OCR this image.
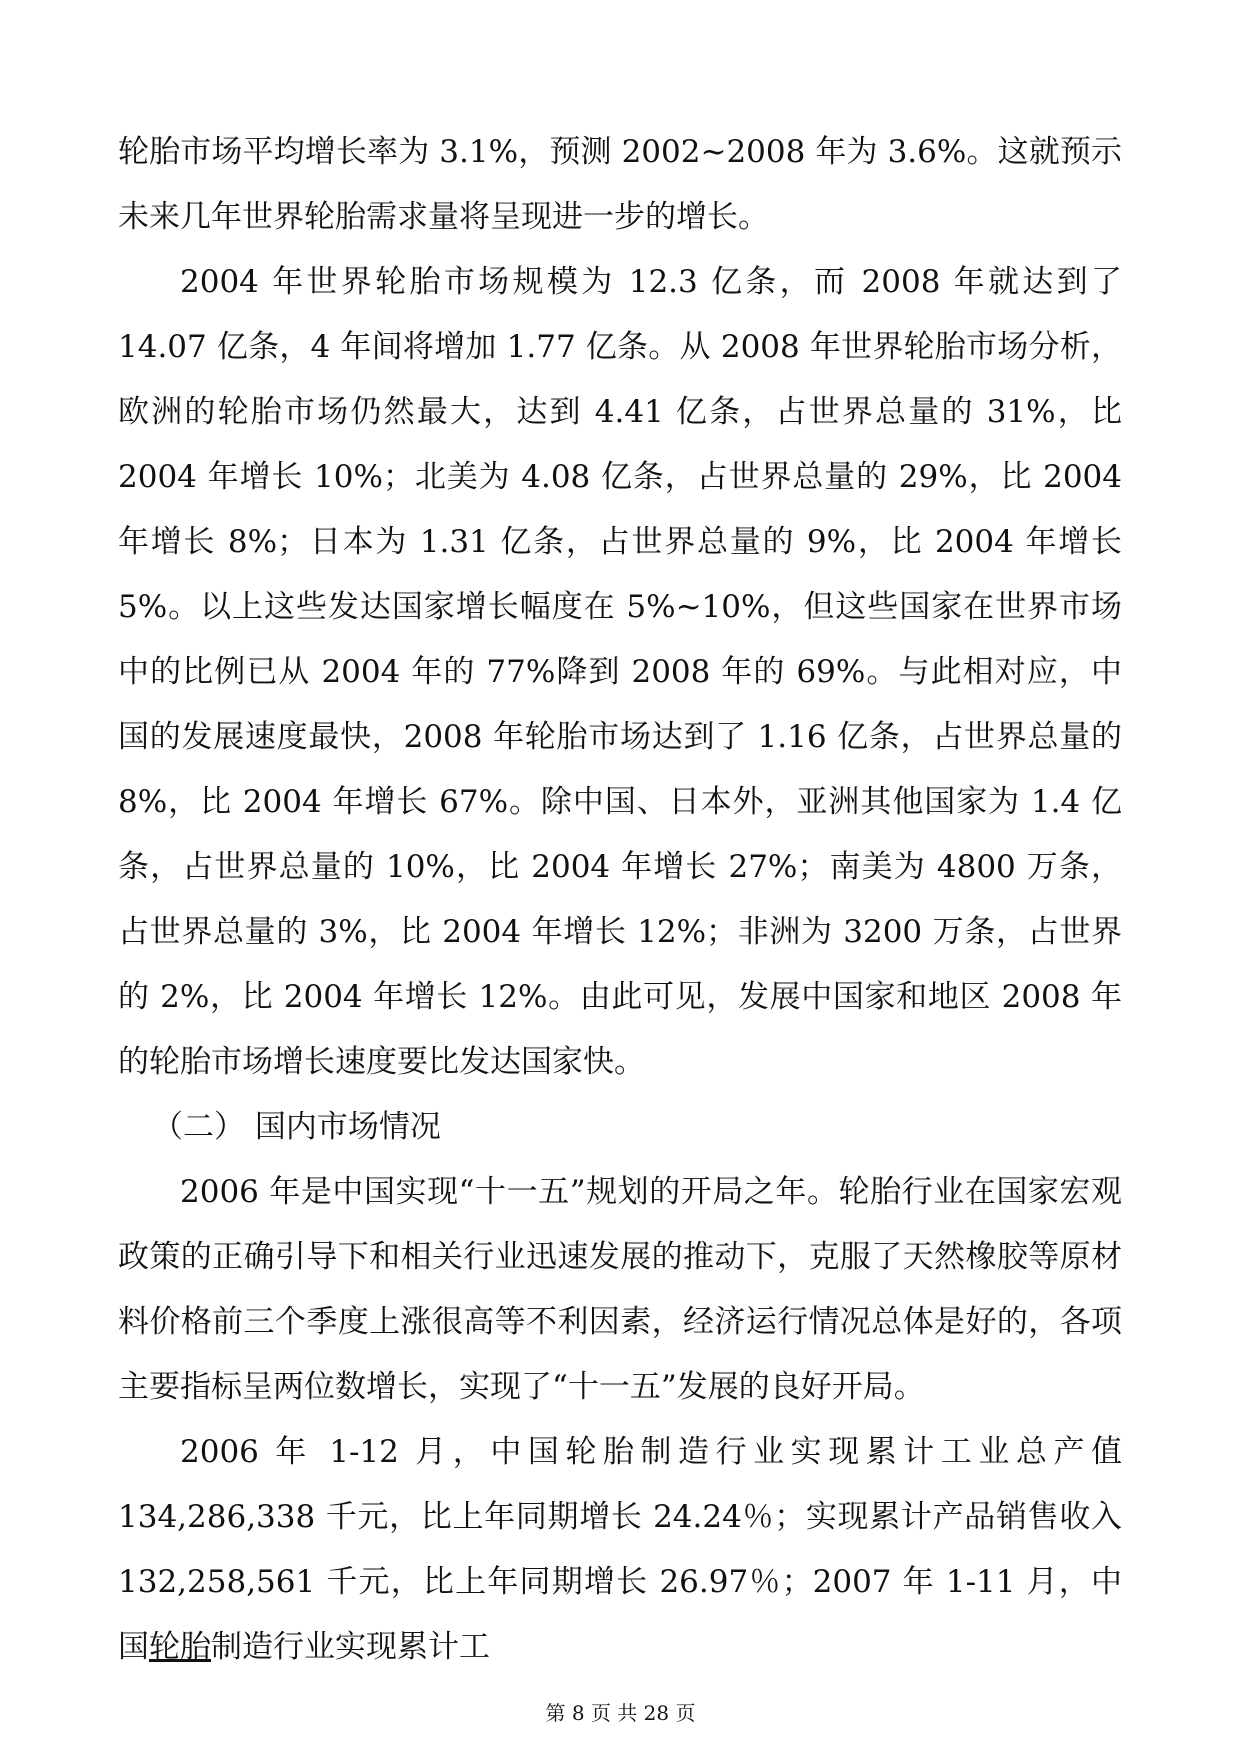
轮胎市场平均增长率为 3.1%，预测 2002~2008 年为 3.6%。这就预示未来几年世界轮胎需求量将呈现进一步的增长。

2004 年世界轮胎市场规模为 12.3 亿条，而 2008 年就达到了 14.07 亿条，4 年间将增加 1.77 亿条。从 2008 年世界轮胎市场分析，欧洲的轮胎市场仍然最大，达到 4.41 亿条，占世界总量的 31%，比 2004 年增长 10%；北美为 4.08 亿条，占世界总量的 29%，比 2004 年增长 8%；日本为 1.31 亿条，占世界总量的 9%，比 2004 年增长 5%。以上这些发达国家增长幅度在 5%~10%，但这些国家在世界市场中的比例已从 2004 年的 77%降到 2008 年的 69%。与此相对应，中国的发展速度最快，2008 年轮胎市场达到了 1.16 亿条，占世界总量的 8%，比 2004 年增长 67%。除中国、日本外，亚洲其他国家为 1.4 亿条，占世界总量的 10%，比 2004 年增长 27%；南美为 4800 万条，占世界总量的 3%，比 2004 年增长 12%；非洲为 3200 万条，占世界的 2%，比 2004 年增长 12%。由此可见，发展中国家和地区 2008 年的轮胎市场增长速度要比发达国家快。

（二） 国内市场情况

2006 年是中国实现“十一五”规划的开局之年。轮胎行业在国家宏观政策的正确引导下和相关行业迅速发展的推动下，克服了天然橡胶等原材料价格前三个季度上涨很高等不利因素，经济运行情况总体是好的，各项主要指标呈两位数增长，实现了“十一五”发展的良好开局。

2006 年 1-12 月，中国轮胎制造行业实现累计工业总产值 134,286,338 千元，比上年同期增长 24.24％；实现累计产品销售收入 132,258,561 千元，比上年同期增长 26.97％；2007 年 1-11 月，中国轮胎制造行业实现累计工

第 8 页 共 28 页
